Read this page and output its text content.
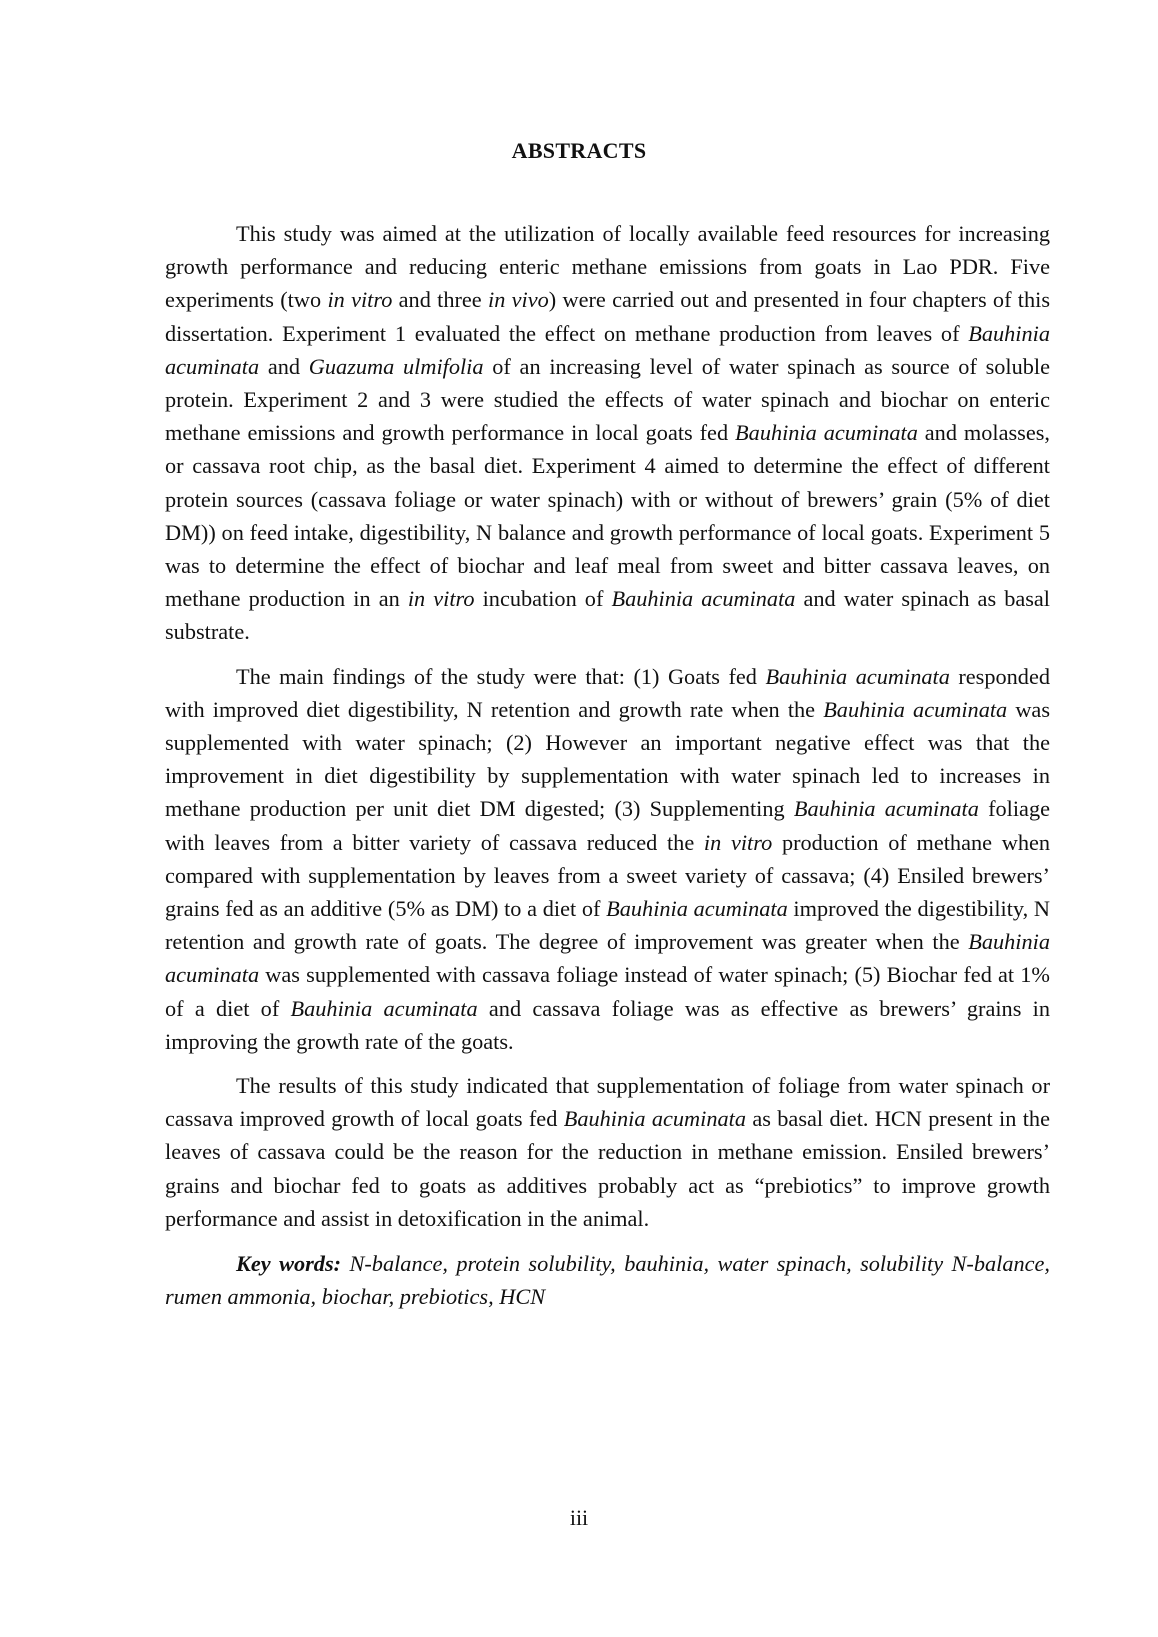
ABSTRACTS

This study was aimed at the utilization of locally available feed resources for increasing growth performance and reducing enteric methane emissions from goats in Lao PDR. Five experiments (two in vitro and three in vivo) were carried out and presented in four chapters of this dissertation. Experiment 1 evaluated the effect on methane production from leaves of Bauhinia acuminata and Guazuma ulmifolia of an increasing level of water spinach as source of soluble protein. Experiment 2 and 3 were studied the effects of water spinach and biochar on enteric methane emissions and growth performance in local goats fed Bauhinia acuminata and molasses, or cassava root chip, as the basal diet. Experiment 4 aimed to determine the effect of different protein sources (cassava foliage or water spinach) with or without of brewers’ grain (5% of diet DM)) on feed intake, digestibility, N balance and growth performance of local goats. Experiment 5 was to determine the effect of biochar and leaf meal from sweet and bitter cassava leaves, on methane production in an in vitro incubation of Bauhinia acuminata and water spinach as basal substrate.

The main findings of the study were that: (1) Goats fed Bauhinia acuminata responded with improved diet digestibility, N retention and growth rate when the Bauhinia acuminata was supplemented with water spinach; (2) However an important negative effect was that the improvement in diet digestibility by supplementation with water spinach led to increases in methane production per unit diet DM digested; (3) Supplementing Bauhinia acuminata foliage with leaves from a bitter variety of cassava reduced the in vitro production of methane when compared with supplementation by leaves from a sweet variety of cassava; (4) Ensiled brewers’ grains fed as an additive (5% as DM) to a diet of Bauhinia acuminata improved the digestibility, N retention and growth rate of goats. The degree of improvement was greater when the Bauhinia acuminata was supplemented with cassava foliage instead of water spinach; (5) Biochar fed at 1% of a diet of Bauhinia acuminata and cassava foliage was as effective as brewers’ grains in improving the growth rate of the goats.

The results of this study indicated that supplementation of foliage from water spinach or cassava improved growth of local goats fed Bauhinia acuminata as basal diet. HCN present in the leaves of cassava could be the reason for the reduction in methane emission. Ensiled brewers’ grains and biochar fed to goats as additives probably act as “prebiotics” to improve growth performance and assist in detoxification in the animal.

Key words: N-balance, protein solubility, bauhinia, water spinach, solubility N-balance, rumen ammonia, biochar, prebiotics, HCN

iii
